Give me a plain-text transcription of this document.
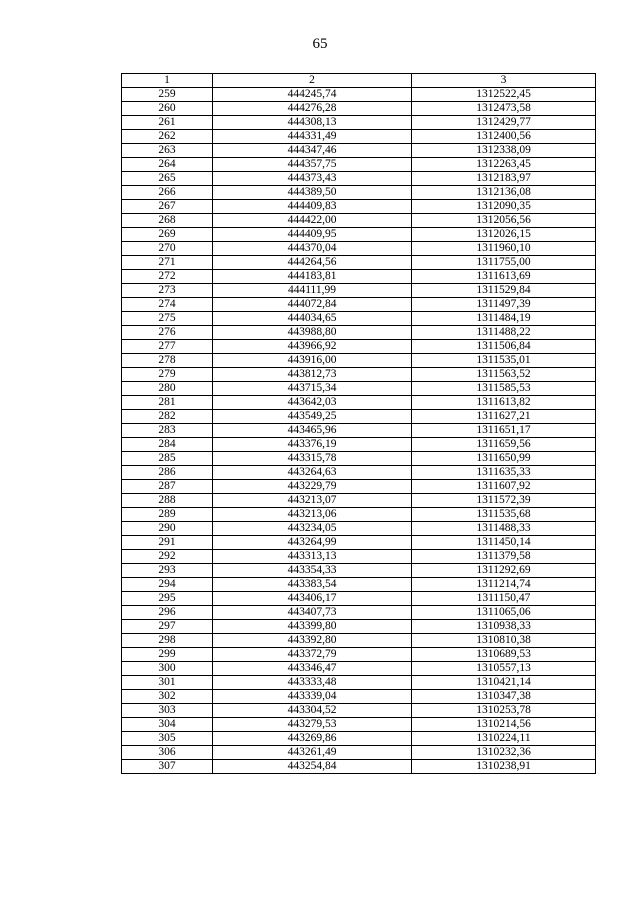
65
1	2	3
259	444245,74	1312522,45
260	444276,28	1312473,58
261	444308,13	1312429,77
262	444331,49	1312400,56
263	444347,46	1312338,09
264	444357,75	1312263,45
265	444373,43	1312183,97
266	444389,50	1312136,08
267	444409,83	1312090,35
268	444422,00	1312056,56
269	444409,95	1312026,15
270	444370,04	1311960,10
271	444264,56	1311755,00
272	444183,81	1311613,69
273	444111,99	1311529,84
274	444072,84	1311497,39
275	444034,65	1311484,19
276	443988,80	1311488,22
277	443966,92	1311506,84
278	443916,00	1311535,01
279	443812,73	1311563,52
280	443715,34	1311585,53
281	443642,03	1311613,82
282	443549,25	1311627,21
283	443465,96	1311651,17
284	443376,19	1311659,56
285	443315,78	1311650,99
286	443264,63	1311635,33
287	443229,79	1311607,92
288	443213,07	1311572,39
289	443213,06	1311535,68
290	443234,05	1311488,33
291	443264,99	1311450,14
292	443313,13	1311379,58
293	443354,33	1311292,69
294	443383,54	1311214,74
295	443406,17	1311150,47
296	443407,73	1311065,06
297	443399,80	1310938,33
298	443392,80	1310810,38
299	443372,79	1310689,53
300	443346,47	1310557,13
301	443333,48	1310421,14
302	443339,04	1310347,38
303	443304,52	1310253,78
304	443279,53	1310214,56
305	443269,86	1310224,11
306	443261,49	1310232,36
307	443254,84	1310238,91
